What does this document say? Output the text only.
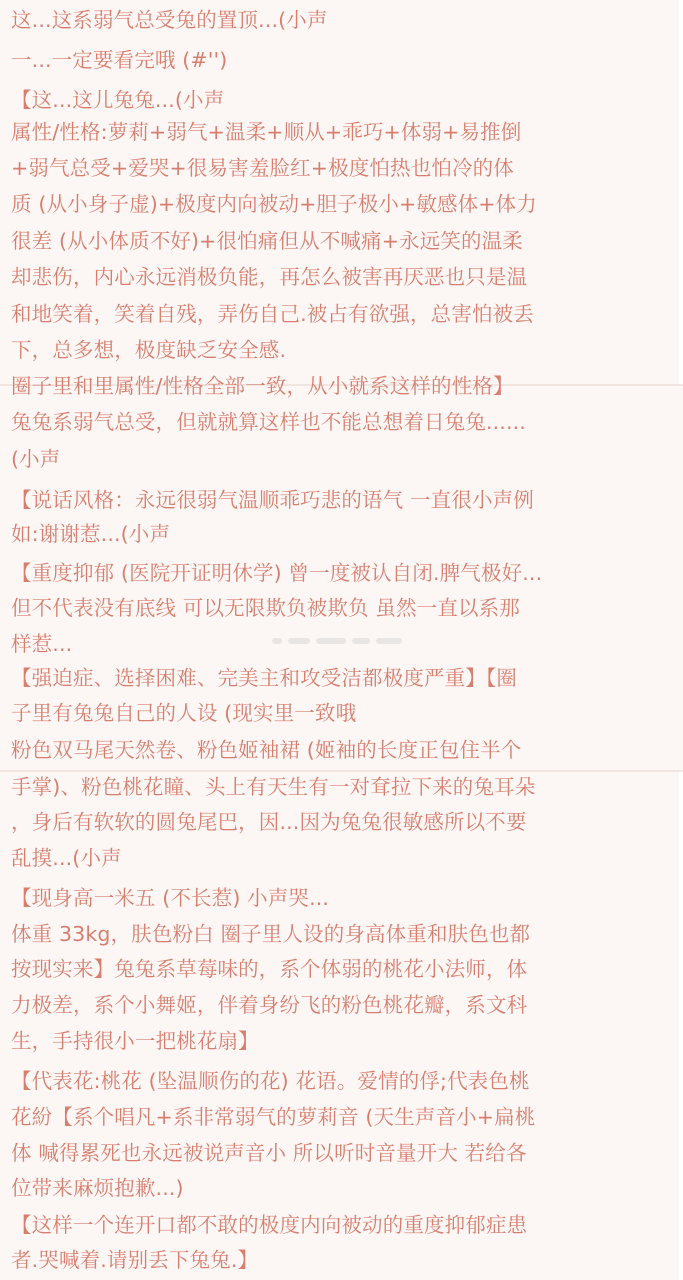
这...这系弱气总受兔的置顶...(小声
一...一定要看完哦 (#'')
【这...这儿兔兔...(小声
属性/性格:萝莉+弱气+温柔+顺从+乖巧+体弱+易推倒
+弱气总受+爱哭+很易害羞脸红+极度怕热也怕冷的体
质 (从小身子虚)+极度内向被动+胆子极小+敏感体+体力
很差 (从小体质不好)+很怕痛但从不喊痛+永远笑的温柔
却悲伤，内心永远消极负能，再怎么被害再厌恶也只是温
和地笑着，笑着自残，弄伤自己.被占有欲强，总害怕被丢
下，总多想，极度缺乏安全感.
圈子里和里属性/性格全部一致，从小就系这样的性格】
兔兔系弱气总受，但就就算这样也不能总想着日兔兔......
(小声
【说话风格：永远很弱气温顺乖巧悲的语气 一直很小声例
如:谢谢惹...(小声
【重度抑郁 (医院开证明休学) 曾一度被认自闭.脾气极好...
但不代表没有底线 可以无限欺负被欺负 虽然一直以系那
样惹...
【强迫症、选择困难、完美主和攻受洁都极度严重】【圈
子里有兔兔自己的人设 (现实里一致哦
粉色双马尾天然卷、粉色姬袖裙 (姬袖的长度正包住半个
手掌)、粉色桃花瞳、头上有天生有一对耷拉下来的兔耳朵
，身后有软软的圆兔尾巴，因...因为兔兔很敏感所以不要
乱摸...(小声
【现身高一米五 (不长惹) 小声哭...
体重 33kg，肤色粉白 圈子里人设的身高体重和肤色也都
按现实来】兔兔系草莓味的，系个体弱的桃花小法师，体
力极差，系个小舞姬，伴着身纷飞的粉色桃花瓣，系文科
生，手持很小一把桃花扇】
【代表花:桃花 (坠温顺伤的花) 花语。爱情的俘;代表色桃
花紛【系个唱凡+系非常弱气的萝莉音 (天生声音小+扁桃
体 喊得累死也永远被说声音小 所以听时音量开大 若给各
位带来麻烦抱歉...)
【这样一个连开口都不敢的极度内向被动的重度抑郁症患
者.哭喊着.请别丢下兔兔.】
